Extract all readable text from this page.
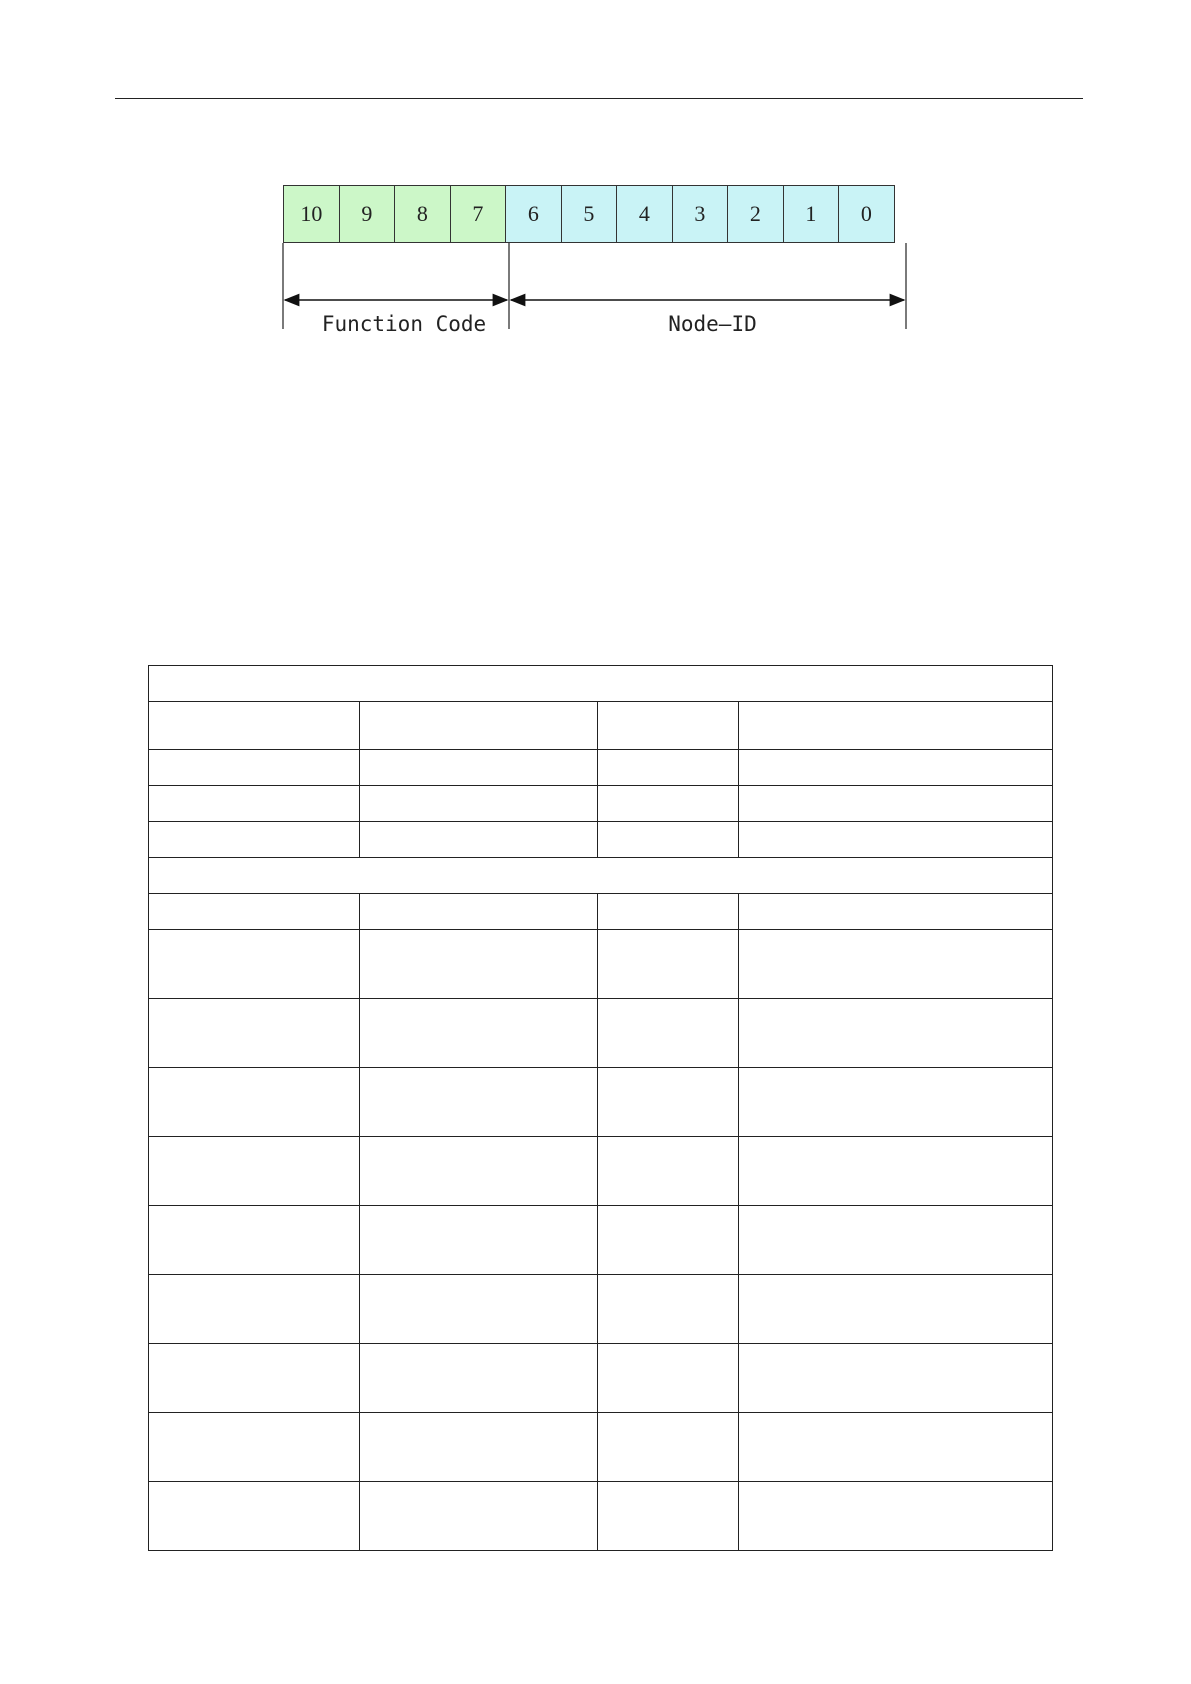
10	9	8	7	6	5	4	3	2	1	0
Function Code	Node—ID
